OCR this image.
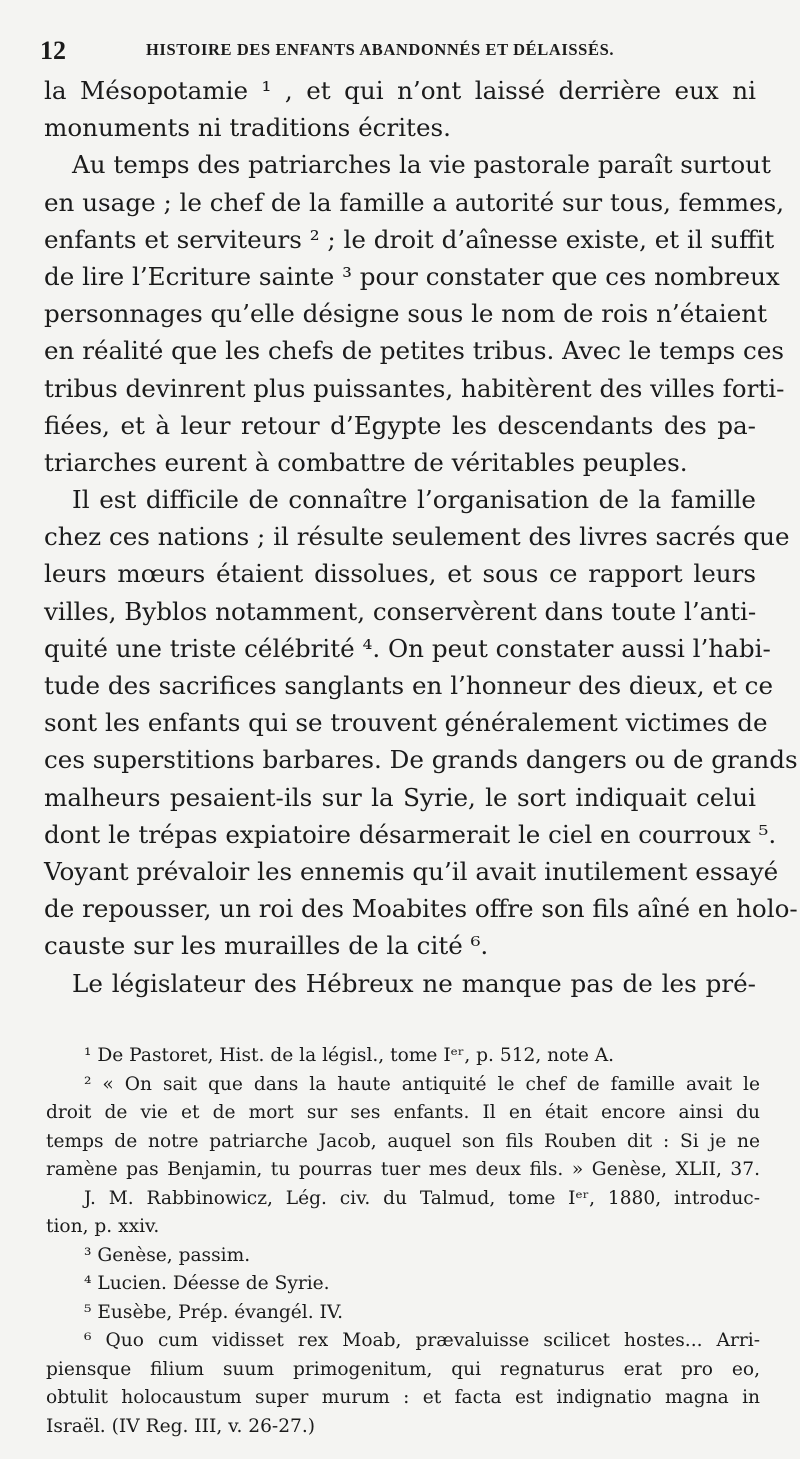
12	HISTOIRE DES ENFANTS ABANDONNÉS ET DÉLAISSÉS.
la Mésopotamie ¹ , et qui n’ont laissé derrière eux ni
monuments ni traditions écrites.
Au temps des patriarches la vie pastorale paraît surtout
en usage ; le chef de la famille a autorité sur tous, femmes,
enfants et serviteurs ² ; le droit d’aînesse existe, et il suffit
de lire l’Ecriture sainte ³ pour constater que ces nombreux
personnages qu’elle désigne sous le nom de rois n’étaient
en réalité que les chefs de petites tribus. Avec le temps ces
tribus devinrent plus puissantes, habitèrent des villes forti-
fiées, et à leur retour d’Egypte les descendants des pa-
triarches eurent à combattre de véritables peuples.
Il est difficile de connaître l’organisation de la famille
chez ces nations ; il résulte seulement des livres sacrés que
leurs mœurs étaient dissolues, et sous ce rapport leurs
villes, Byblos notamment, conservèrent dans toute l’anti-
quité une triste célébrité ⁴. On peut constater aussi l’habi-
tude des sacrifices sanglants en l’honneur des dieux, et ce
sont les enfants qui se trouvent généralement victimes de
ces superstitions barbares. De grands dangers ou de grands
malheurs pesaient-ils sur la Syrie, le sort indiquait celui
dont le trépas expiatoire désarmerait le ciel en courroux ⁵.
Voyant prévaloir les ennemis qu’il avait inutilement essayé
de repousser, un roi des Moabites offre son fils aîné en holo-
causte sur les murailles de la cité ⁶.
Le législateur des Hébreux ne manque pas de les pré-
¹ De Pastoret, Hist. de la législ., tome Iᵉʳ, p. 512, note A.
² « On sait que dans la haute antiquité le chef de famille avait le
droit de vie et de mort sur ses enfants. Il en était encore ainsi du
temps de notre patriarche Jacob, auquel son fils Rouben dit : Si je ne
ramène pas Benjamin, tu pourras tuer mes deux fils. » Genèse, XLII, 37.
J. M. Rabbinowicz, Lég. civ. du Talmud, tome Iᵉʳ, 1880, introduc-
tion, p. xxiv.
³ Genèse, passim.
⁴ Lucien. Déesse de Syrie.
⁵ Eusèbe, Prép. évangél. IV.
⁶ Quo cum vidisset rex Moab, prævaluisse scilicet hostes... Arri-
piensque filium suum primogenitum, qui regnaturus erat pro eo,
obtulit holocaustum super murum : et facta est indignatio magna in
Israël. (IV Reg. III, v. 26-27.)
